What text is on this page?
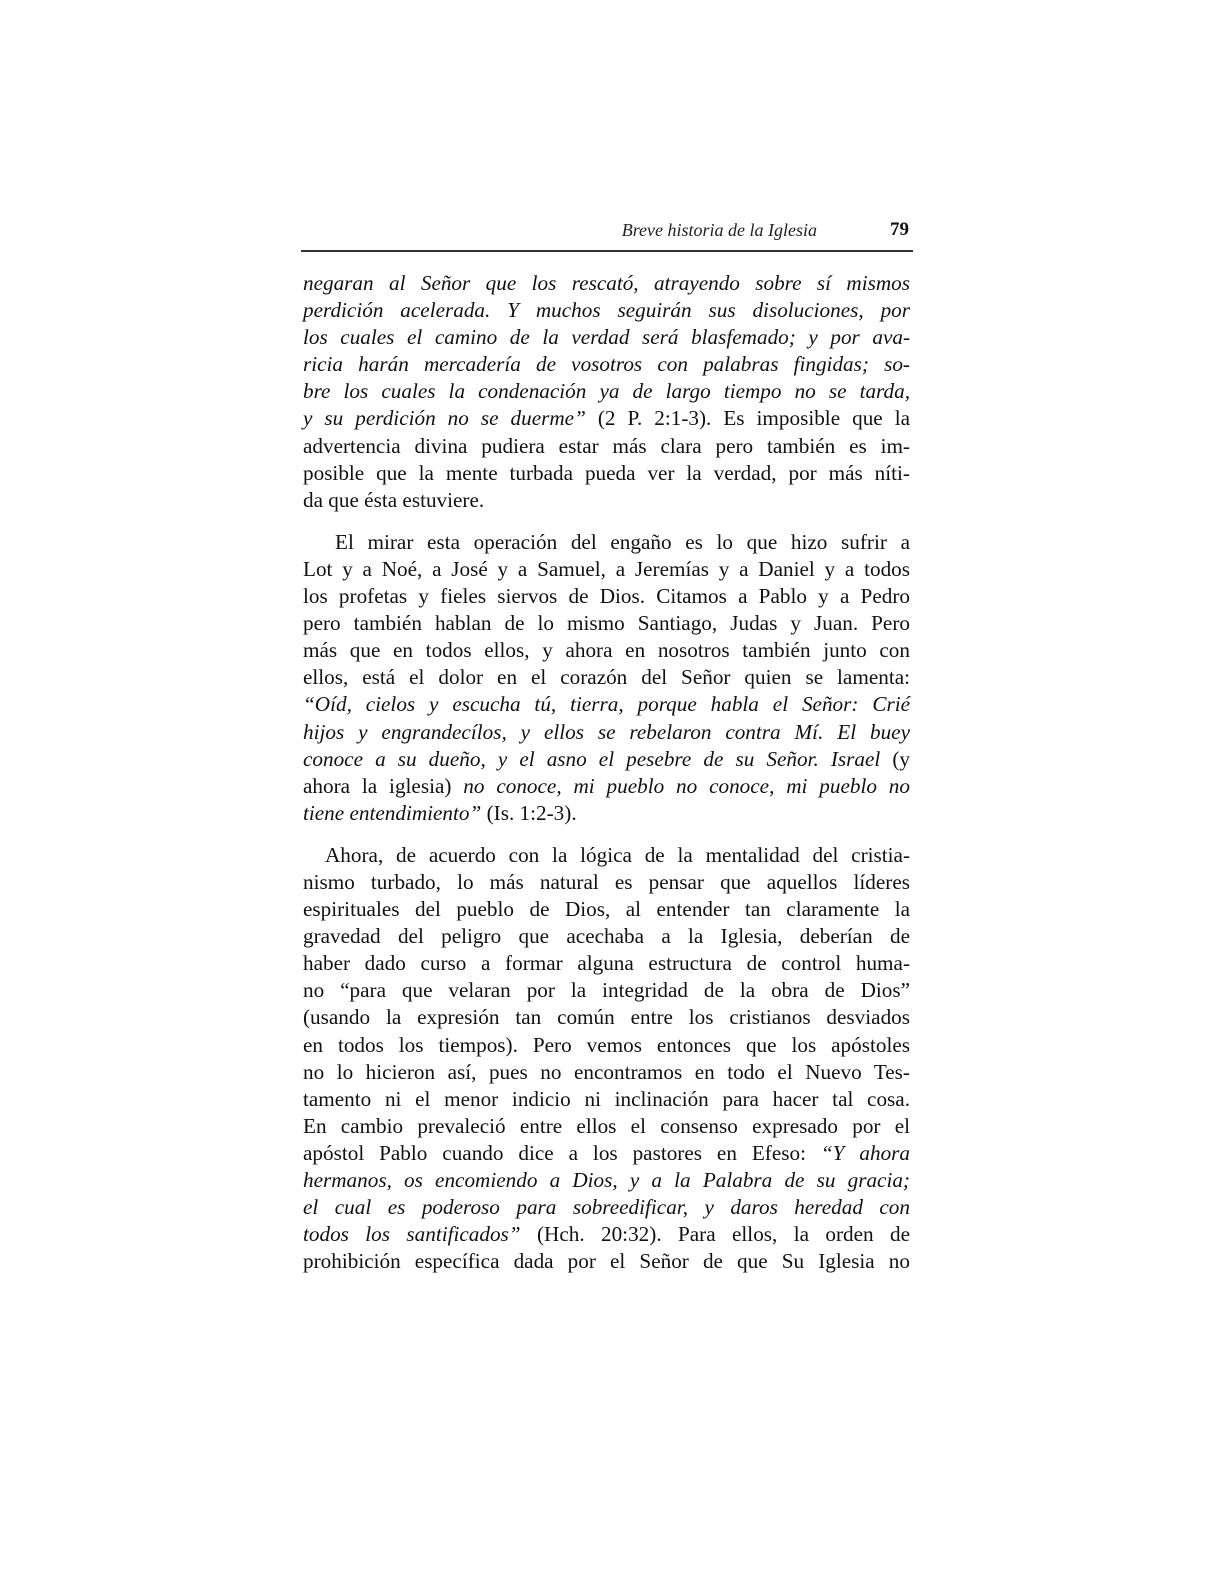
Breve historia de la Iglesia	79

negaran al Señor que los rescató, atrayendo sobre sí mismos
perdición acelerada. Y muchos seguirán sus disoluciones, por
los cuales el camino de la verdad será blasfemado; y por ava-
ricia harán mercadería de vosotros con palabras fingidas; so-
bre los cuales la condenación ya de largo tiempo no se tarda,
y su perdición no se duerme” (2 P. 2:1-3). Es imposible que la
advertencia divina pudiera estar más clara pero también es im-
posible que la mente turbada pueda ver la verdad, por más níti-
da que ésta estuviere.

El mirar esta operación del engaño es lo que hizo sufrir a
Lot y a Noé, a José y a Samuel, a Jeremías y a Daniel y a todos
los profetas y fieles siervos de Dios. Citamos a Pablo y a Pedro
pero también hablan de lo mismo Santiago, Judas y Juan. Pero
más que en todos ellos, y ahora en nosotros también junto con
ellos, está el dolor en el corazón del Señor quien se lamenta:
“Oíd, cielos y escucha tú, tierra, porque habla el Señor: Crié
hijos y engrandecílos, y ellos se rebelaron contra Mí. El buey
conoce a su dueño, y el asno el pesebre de su Señor. Israel (y
ahora la iglesia) no conoce, mi pueblo no conoce, mi pueblo no
tiene entendimiento” (Is. 1:2-3).

Ahora, de acuerdo con la lógica de la mentalidad del cristia-
nismo turbado, lo más natural es pensar que aquellos líderes
espirituales del pueblo de Dios, al entender tan claramente la
gravedad del peligro que acechaba a la Iglesia, deberían de
haber dado curso a formar alguna estructura de control huma-
no “para que velaran por la integridad de la obra de Dios”
(usando la expresión tan común entre los cristianos desviados
en todos los tiempos). Pero vemos entonces que los apóstoles
no lo hicieron así, pues no encontramos en todo el Nuevo Tes-
tamento ni el menor indicio ni inclinación para hacer tal cosa.
En cambio prevaleció entre ellos el consenso expresado por el
apóstol Pablo cuando dice a los pastores en Efeso: “Y ahora
hermanos, os encomiendo a Dios, y a la Palabra de su gracia;
el cual es poderoso para sobreedificar, y daros heredad con
todos los santificados” (Hch. 20:32). Para ellos, la orden de
prohibición específica dada por el Señor de que Su Iglesia no
